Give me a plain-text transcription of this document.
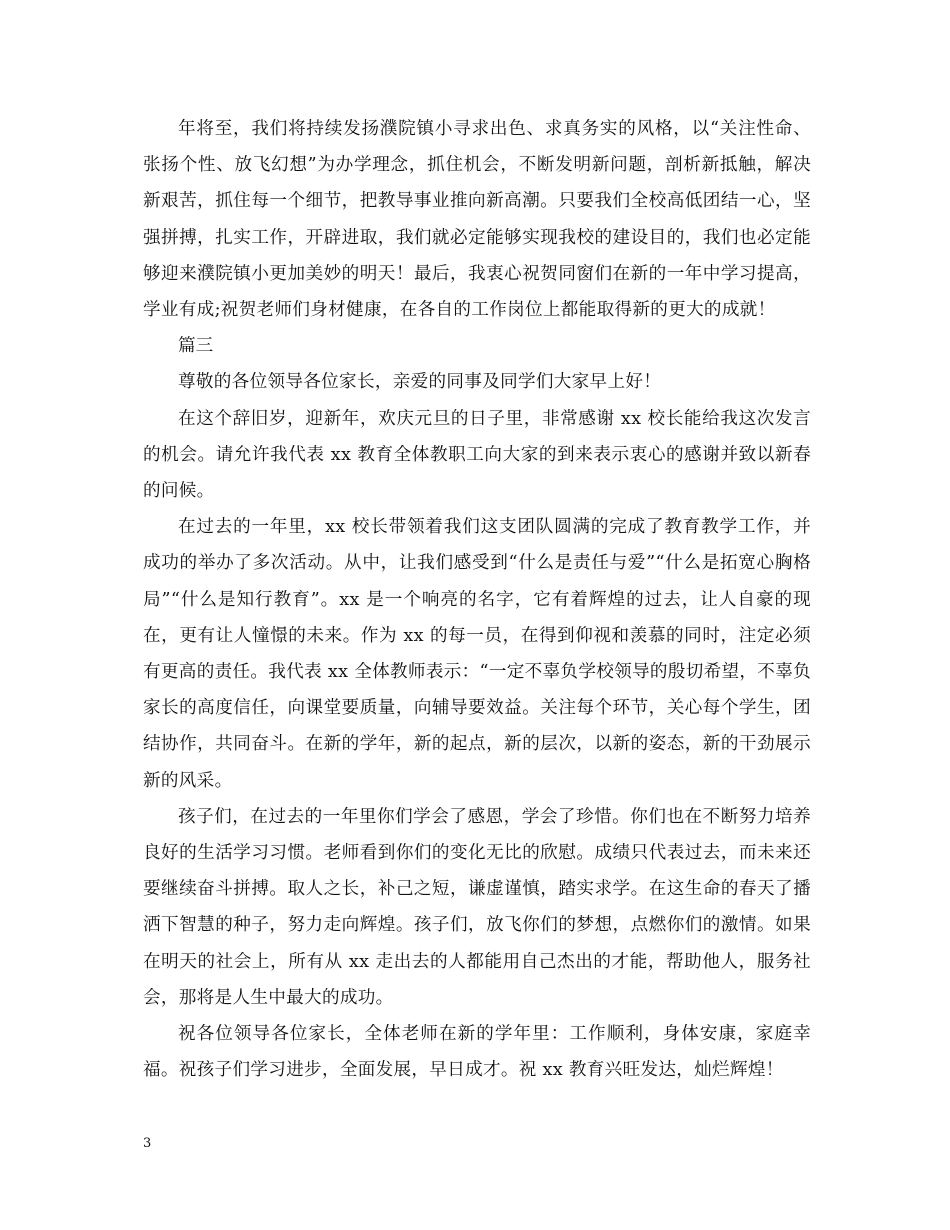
年将至，我们将持续发扬濮院镇小寻求出色、求真务实的风格，以“关注性命、张扬个性、放飞幻想”为办学理念，抓住机会，不断发明新问题，剖析新抵触，解决新艰苦，抓住每一个细节，把教导事业推向新高潮。只要我们全校高低团结一心，坚强拼搏，扎实工作，开辟进取，我们就必定能够实现我校的建设目的，我们也必定能够迎来濮院镇小更加美妙的明天！最后，我衷心祝贺同窗们在新的一年中学习提高，学业有成;祝贺老师们身材健康，在各自的工作岗位上都能取得新的更大的成就！

篇三

尊敬的各位领导各位家长，亲爱的同事及同学们大家早上好！

在这个辞旧岁，迎新年，欢庆元旦的日子里，非常感谢 xx 校长能给我这次发言的机会。请允许我代表 xx 教育全体教职工向大家的到来表示衷心的感谢并致以新春的问候。

在过去的一年里，xx 校长带领着我们这支团队圆满的完成了教育教学工作，并成功的举办了多次活动。从中，让我们感受到“什么是责任与爱”“什么是拓宽心胸格局”“什么是知行教育”。xx 是一个响亮的名字，它有着辉煌的过去，让人自豪的现在，更有让人憧憬的未来。作为 xx 的每一员，在得到仰视和羡慕的同时，注定必须有更高的责任。我代表 xx 全体教师表示：“一定不辜负学校领导的殷切希望，不辜负家长的高度信任，向课堂要质量，向辅导要效益。关注每个环节，关心每个学生，团结协作，共同奋斗。在新的学年，新的起点，新的层次，以新的姿态，新的干劲展示新的风采。

孩子们，在过去的一年里你们学会了感恩，学会了珍惜。你们也在不断努力培养良好的生活学习习惯。老师看到你们的变化无比的欣慰。成绩只代表过去，而未来还要继续奋斗拼搏。取人之长，补己之短，谦虚谨慎，踏实求学。在这生命的春天了播洒下智慧的种子，努力走向辉煌。孩子们，放飞你们的梦想，点燃你们的激情。如果在明天的社会上，所有从 xx 走出去的人都能用自己杰出的才能，帮助他人，服务社会，那将是人生中最大的成功。

祝各位领导各位家长，全体老师在新的学年里：工作顺利，身体安康，家庭幸福。祝孩子们学习进步，全面发展，早日成才。祝 xx 教育兴旺发达，灿烂辉煌！

3
